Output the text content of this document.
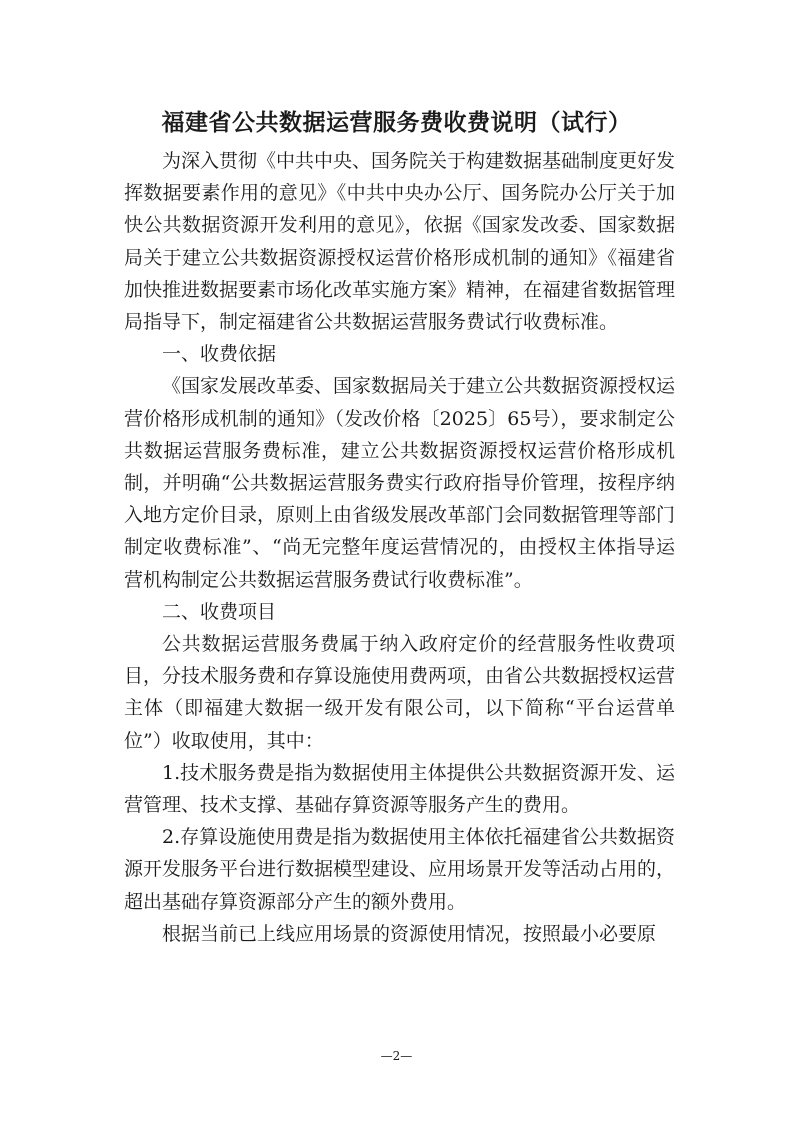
福建省公共数据运营服务费收费说明（试行）

为深入贯彻《中共中央、国务院关于构建数据基础制度更好发挥数据要素作用的意见》《中共中央办公厅、国务院办公厅关于加快公共数据资源开发利用的意见》，依据《国家发改委、国家数据局关于建立公共数据资源授权运营价格形成机制的通知》《福建省加快推进数据要素市场化改革实施方案》精神，在福建省数据管理局指导下，制定福建省公共数据运营服务费试行收费标准。

一、收费依据

《国家发展改革委、国家数据局关于建立公共数据资源授权运营价格形成机制的通知》（发改价格〔2025〕65号），要求制定公共数据运营服务费标准，建立公共数据资源授权运营价格形成机制，并明确“公共数据运营服务费实行政府指导价管理，按程序纳入地方定价目录，原则上由省级发展改革部门会同数据管理等部门制定收费标准”、“尚无完整年度运营情况的，由授权主体指导运营机构制定公共数据运营服务费试行收费标准”。

二、收费项目

公共数据运营服务费属于纳入政府定价的经营服务性收费项目，分技术服务费和存算设施使用费两项，由省公共数据授权运营主体（即福建大数据一级开发有限公司，以下简称“平台运营单位”）收取使用，其中：

1.技术服务费是指为数据使用主体提供公共数据资源开发、运营管理、技术支撑、基础存算资源等服务产生的费用。

2.存算设施使用费是指为数据使用主体依托福建省公共数据资源开发服务平台进行数据模型建设、应用场景开发等活动占用的，超出基础存算资源部分产生的额外费用。

根据当前已上线应用场景的资源使用情况，按照最小必要原

—2—
